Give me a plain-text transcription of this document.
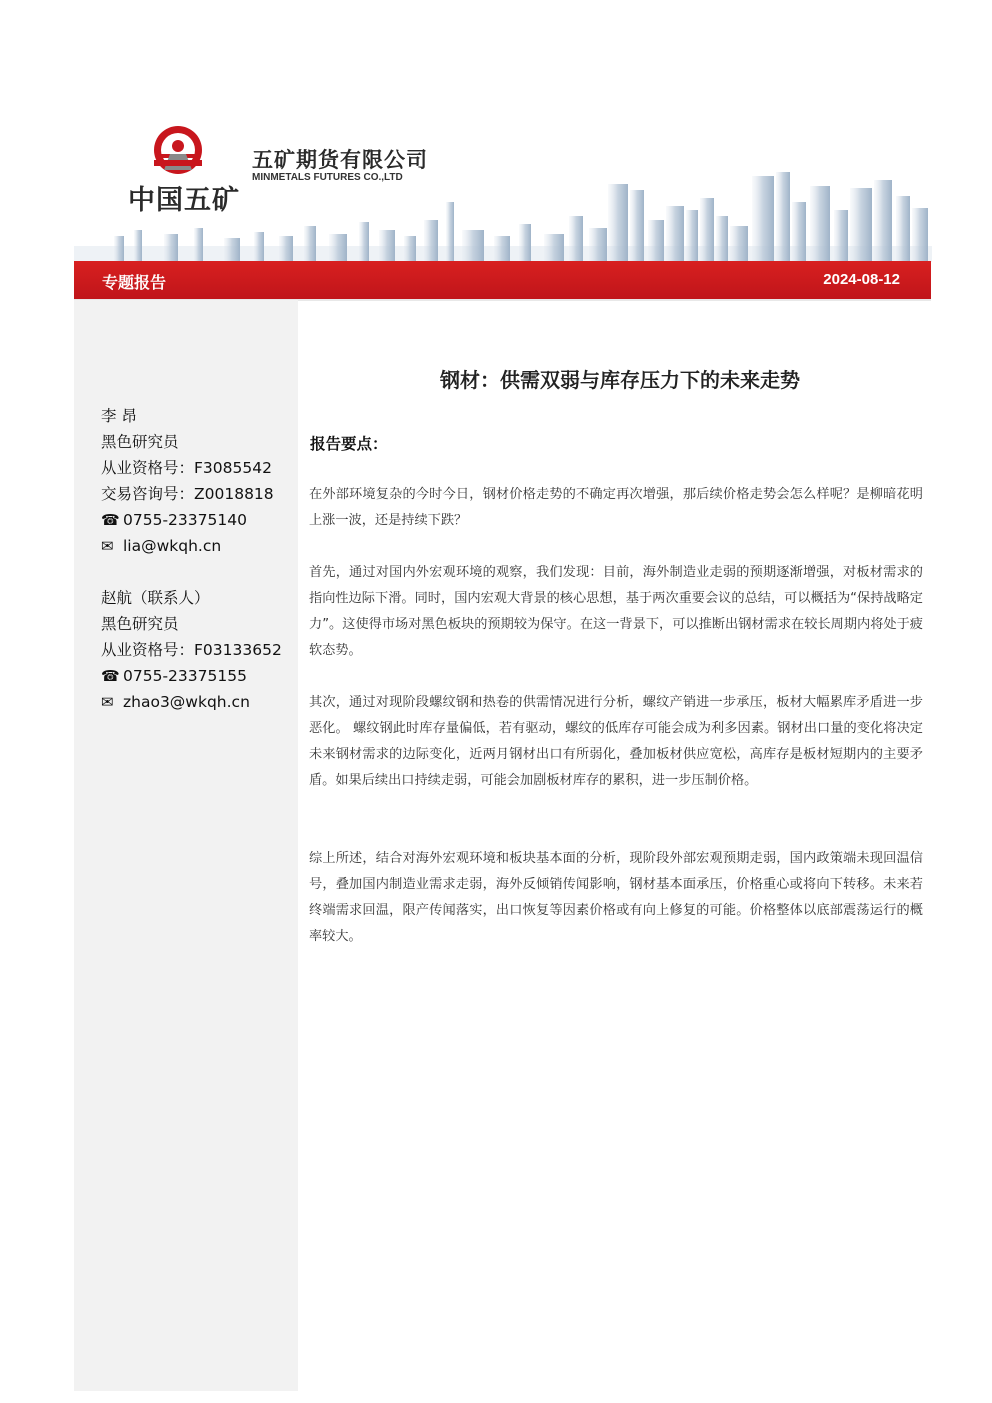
中国五矿
五矿期货有限公司
MINMETALS FUTURES CO.,LTD
专题报告	2024-08-12
李 昂
黑色研究员
从业资格号：F3085542
交易咨询号：Z0018818
☎ 0755-23375140
✉ lia@wkqh.cn
赵航（联系人）
黑色研究员
从业资格号：F03133652
☎ 0755-23375155
✉ zhao3@wkqh.cn
钢材：供需双弱与库存压力下的未来走势
报告要点：

在外部环境复杂的今时今日，钢材价格走势的不确定再次增强，那后续价格走势会怎么样呢？是柳暗花明上涨一波，还是持续下跌？

首先，通过对国内外宏观环境的观察，我们发现：目前，海外制造业走弱的预期逐渐增强，对板材需求的指向性边际下滑。同时，国内宏观大背景的核心思想，基于两次重要会议的总结，可以概括为“保持战略定力”。这使得市场对黑色板块的预期较为保守。在这一背景下，可以推断出钢材需求在较长周期内将处于疲软态势。

其次，通过对现阶段螺纹钢和热卷的供需情况进行分析，螺纹产销进一步承压，板材大幅累库矛盾进一步恶化。 螺纹钢此时库存量偏低，若有驱动，螺纹的低库存可能会成为利多因素。钢材出口量的变化将决定未来钢材需求的边际变化，近两月钢材出口有所弱化，叠加板材供应宽松，高库存是板材短期内的主要矛盾。如果后续出口持续走弱，可能会加剧板材库存的累积，进一步压制价格。

综上所述，结合对海外宏观环境和板块基本面的分析，现阶段外部宏观预期走弱，国内政策端未现回温信号，叠加国内制造业需求走弱，海外反倾销传闻影响，钢材基本面承压，价格重心或将向下转移。未来若终端需求回温，限产传闻落实，出口恢复等因素价格或有向上修复的可能。价格整体以底部震荡运行的概率较大。
